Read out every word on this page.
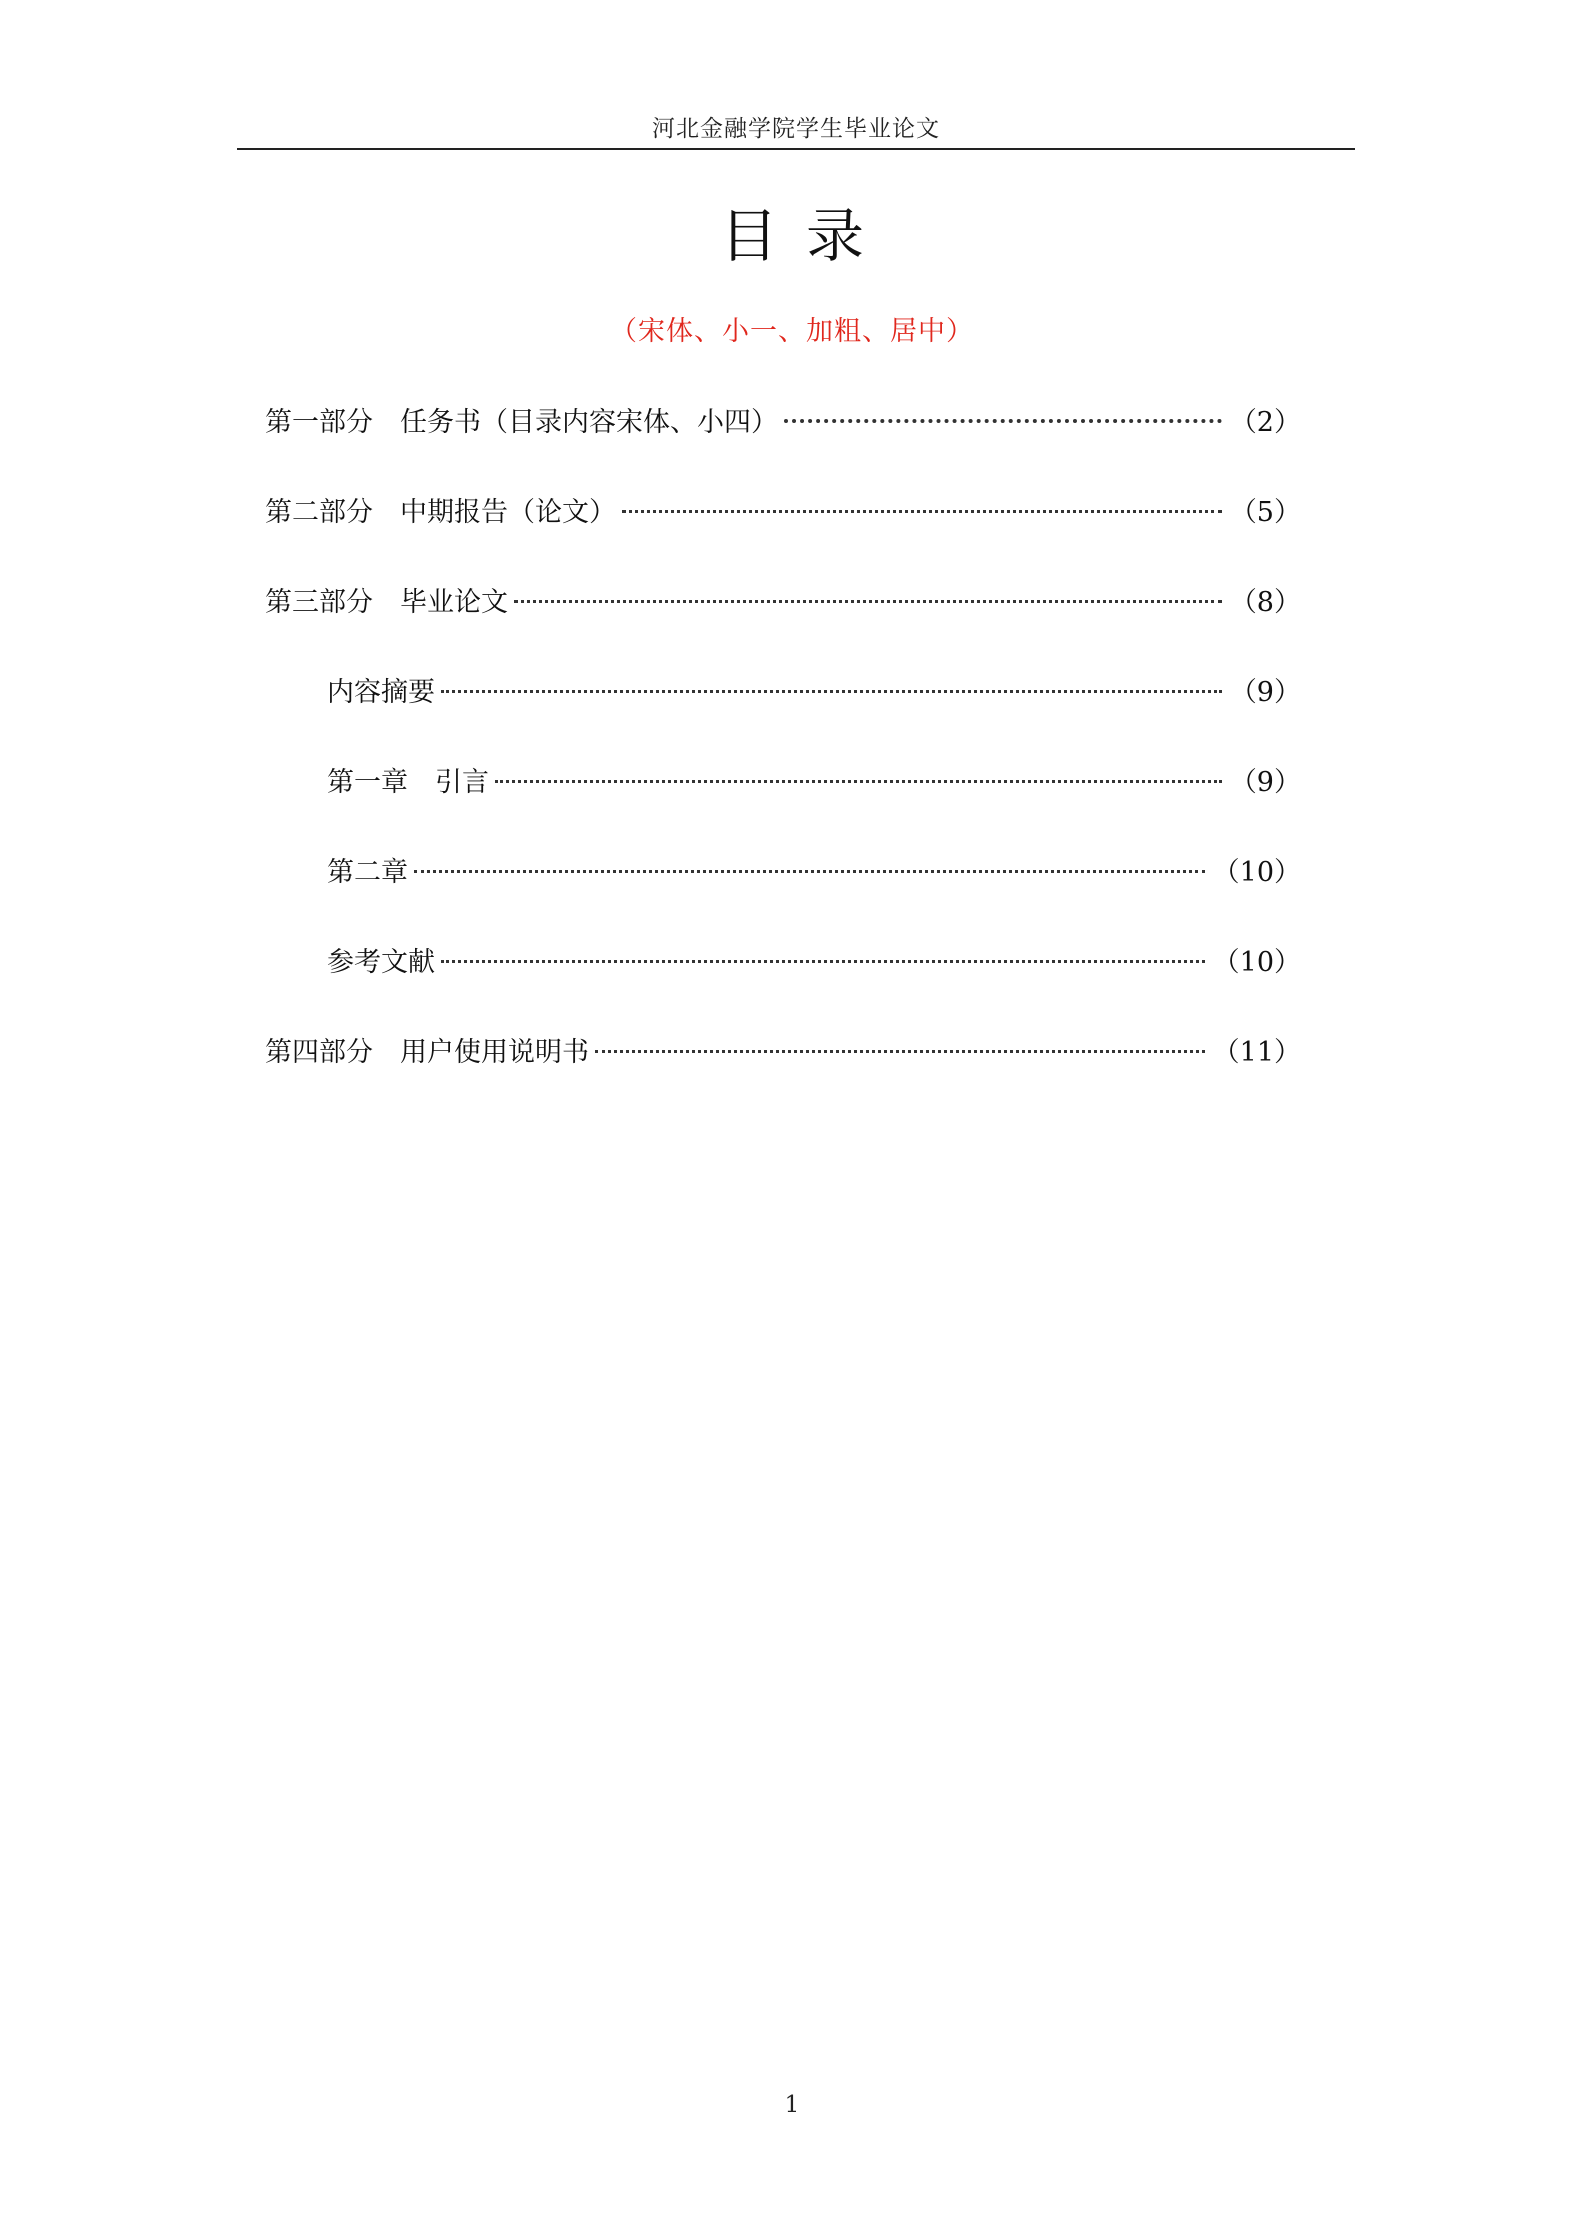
河北金融学院学生毕业论文
目录
（宋体、小一、加粗、居中）
第一部分　任务书（目录内容宋体、小四）	（2）
第二部分　中期报告（论文）	（5）
第三部分　毕业论文	（8）
内容摘要	（9）
第一章　引言	（9）
第二章	（10）
参考文献	（10）
第四部分　用户使用说明书	（11）
1
